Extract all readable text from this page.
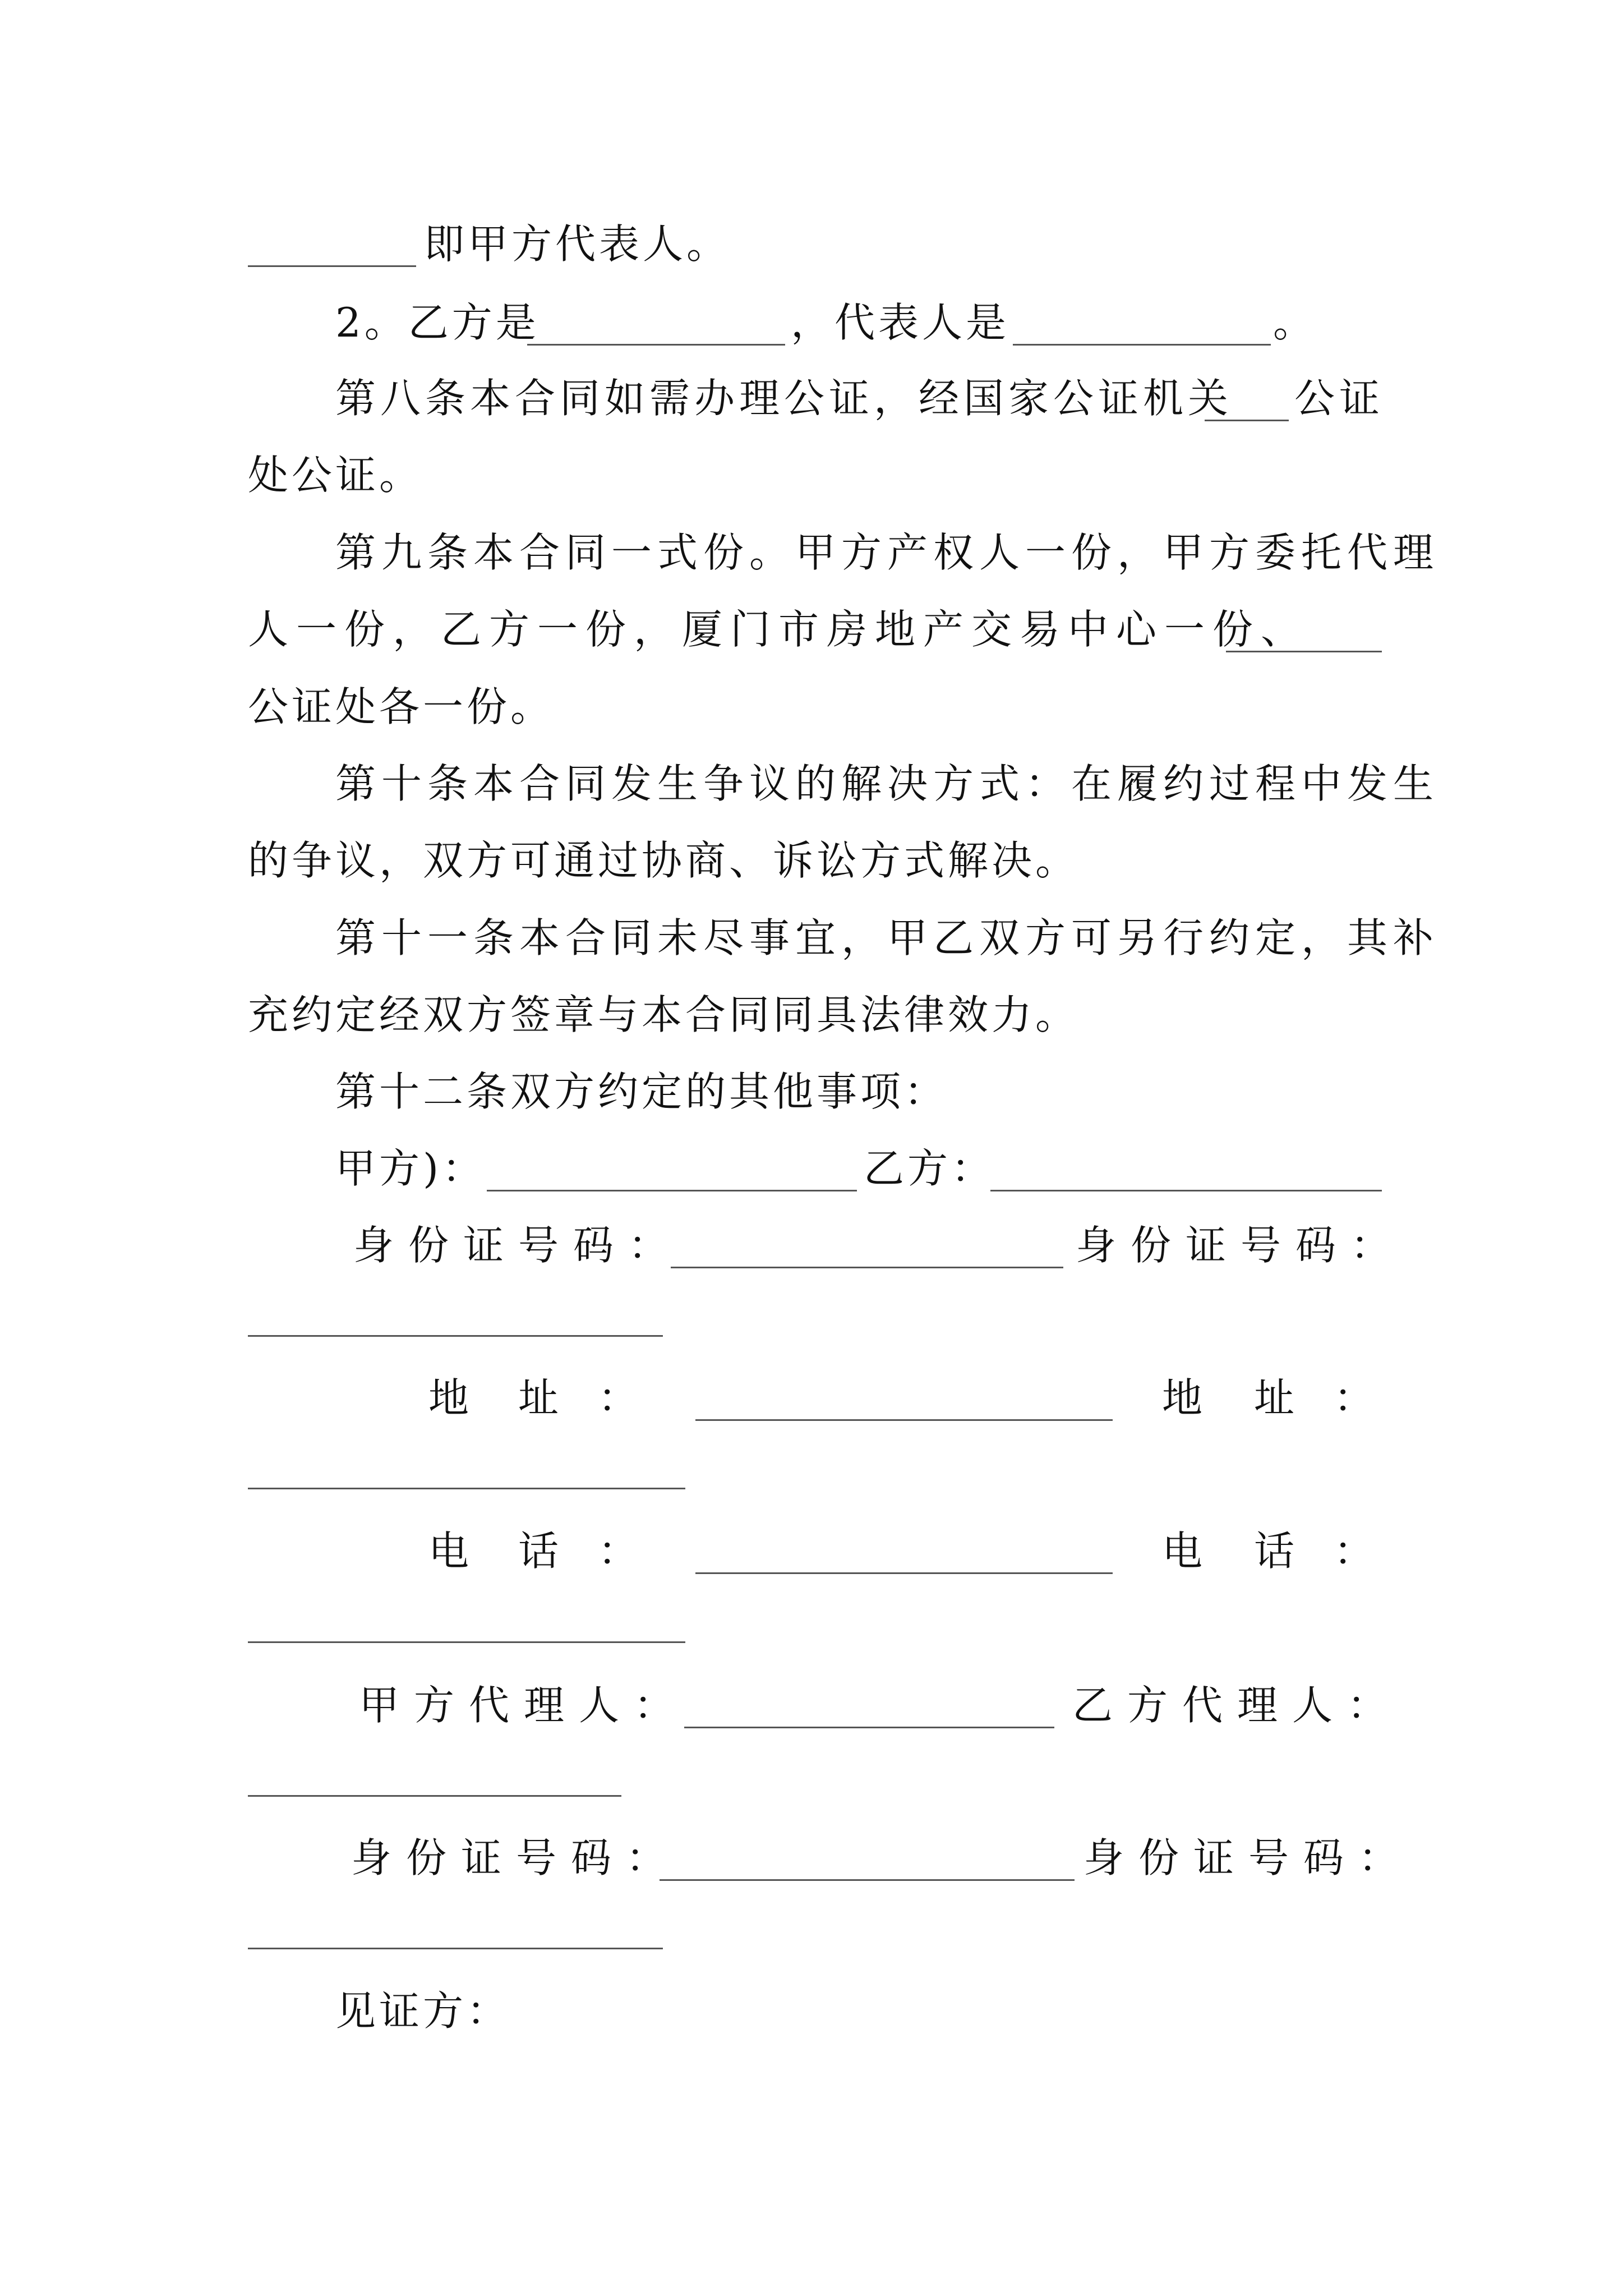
即甲方代表人。
2。乙方是	，代表人是	。
第八条本合同如需办理公证，经国家公证机关 公证
处公证。
第九条本合同一式份。甲方产权人一份，甲方委托代理
人一份，乙方一份，厦门市房地产交易中心一份、
公证处各一份。
第十条本合同发生争议的解决方式：在履约过程中发生
的争议，双方可通过协商、诉讼方式解决。
第十一条本合同未尽事宜，甲乙双方可另行约定，其补
充约定经双方签章与本合同同具法律效力。
第十二条双方约定的其他事项：
甲方)：	乙方：
身份证号码：	身份证号码：
地 址 ：	地 址 ：
电 话 ：	电 话 ：
甲方代理人：	乙方代理人：
身份证号码：	身份证号码：
见证方：
